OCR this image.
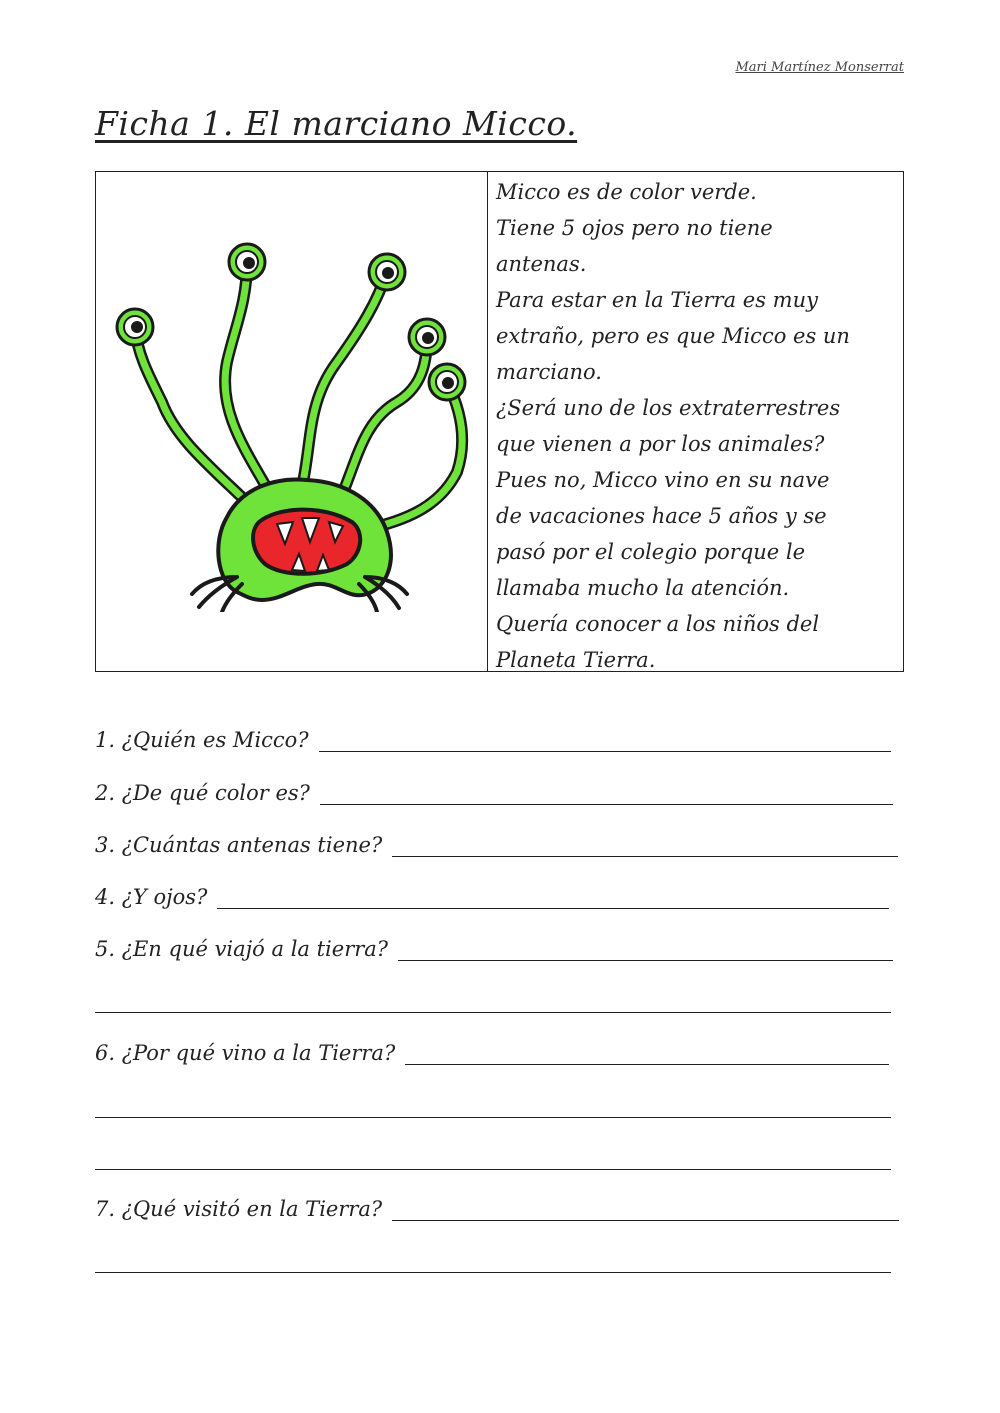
Mari Martínez Monserrat
Ficha 1. El marciano Micco.
Micco es de color verde.
Tiene 5 ojos pero no tiene
antenas.
Para estar en la Tierra es muy
extraño, pero es que Micco es un
marciano.
¿Será uno de los extraterrestres
que vienen a por los animales?
Pues no, Micco vino en su nave
de vacaciones hace 5 años y se
pasó por el colegio porque le
llamaba mucho la atención.
Quería conocer a los niños del
Planeta Tierra.
1. ¿Quién es Micco?
2. ¿De qué color es?
3. ¿Cuántas antenas tiene?
4. ¿Y ojos?
5. ¿En qué viajó a la tierra?
6. ¿Por qué vino a la Tierra?
7. ¿Qué visitó en la Tierra?
